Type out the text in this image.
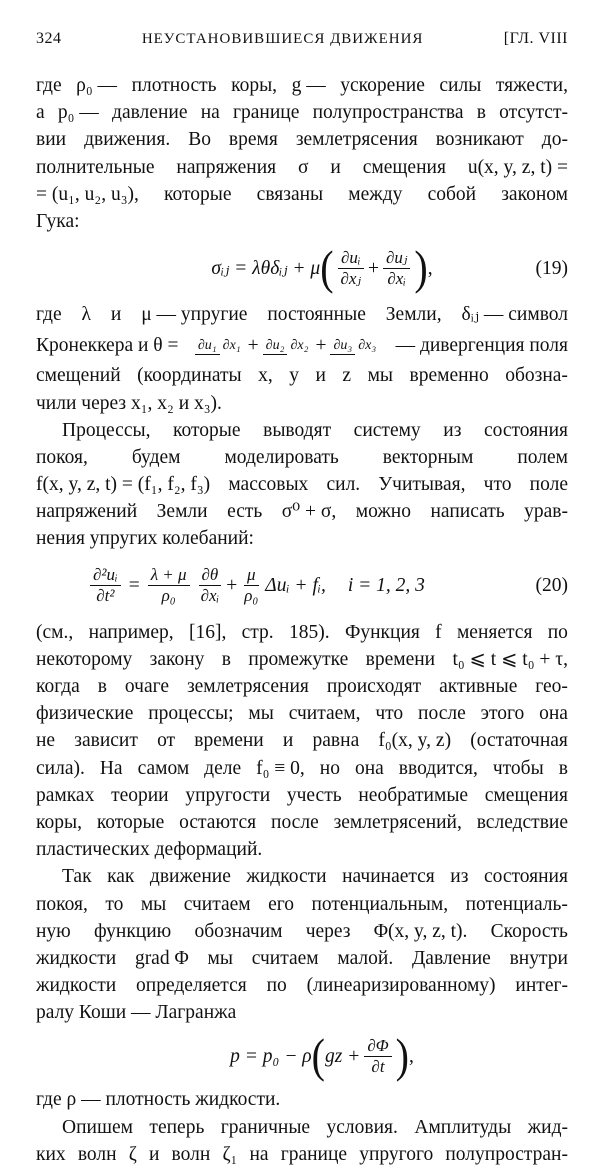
324	НЕУСТАНОВИВШИЕСЯ ДВИЖЕНИЯ	[ГЛ. VIII
где ρ₀ — плотность коры, g — ускорение силы тяжести,
а p₀ — давление на границе полупространства в отсутст-
вии движения. Во время землетрясения возникают до-
полнительные напряжения σ и смещения u(x, y, z, t) =
= (u₁, u₂, u₃), которые связаны между собой законом
Гука:
σᵢⱼ = λθδᵢⱼ + μ ( $\frac{\text{∂uᵢ}}{\text{∂xⱼ}} + \frac{\text{∂uⱼ}}{\text{∂xᵢ}}$ ) ,	(19)
где λ и μ — упругие постоянные Земли, δᵢⱼ — символ
Кронеккера и θ =	∂u₁ ∂x₁ + ∂u₂ ∂x₂ + ∂u₃ ∂x₃ — дивергенция поля
смещений (координаты x, y и z мы временно обозна-
чили через x₁, x₂ и x₃).
Процессы, которые выводят систему из состояния
покоя, будем моделировать векторным полем
f(x, y, z, t) = (f₁, f₂, f₃) массовых сил. Учитывая, что поле
напряжений Земли есть σ⁰ + σ, можно написать урав-
нения упругих колебаний:
$\frac{\text{∂²uᵢ}}{\text{∂t²}} = \frac{\lambda + \mu}{\text{ρ₀}} \frac{\partial\theta}{\text{∂xᵢ}} + \frac{\mu}{\text{ρ₀}}$ Δuᵢ + fᵢ, i = 1, 2, 3	(20)
(см., например, [16], стр. 185). Функция f меняется по
некоторому закону в промежутке времени t₀ ⩽ t ⩽ t₀ + τ,
когда в очаге землетрясения происходят активные гео-
физические процессы; мы считаем, что после этого она
не зависит от времени и равна f₀(x, y, z) (остаточная
сила). На самом деле f₀ ≡ 0, но она вводится, чтобы в
рамках теории упругости учесть необратимые смещения
коры, которые остаются после землетрясений, вследствие
пластических деформаций.
Так как движение жидкости начинается из состояния
покоя, то мы считаем его потенциальным, потенциаль-
ную функцию обозначим через Φ(x, y, z, t). Скорость
жидкости grad Φ мы считаем малой. Давление внутри
жидкости определяется по (линеаризированному) интег-
ралу Коши — Лагранжа
p = p₀ − ρ ( gz + $\frac{\partial\Phi}{\partial t}$ ) ,
где ρ — плотность жидкости.
Опишем теперь граничные условия. Амплитуды жид-
ких волн ζ и волн ζ₁ на границе упругого полупростран-
